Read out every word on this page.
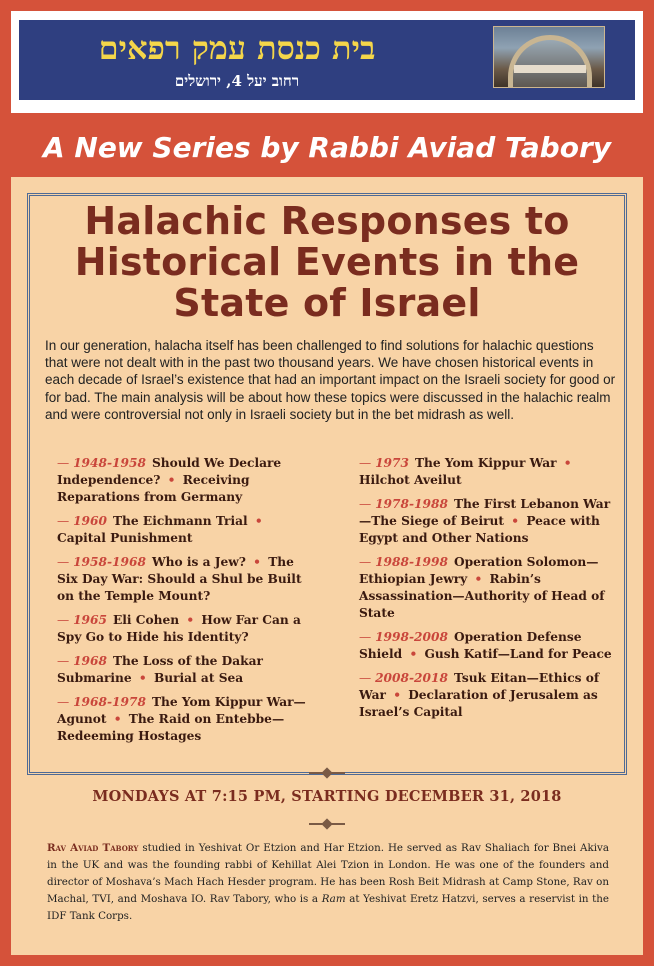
בית כנסת עמק רפאים
רחוב יעל 4, ירושלים
A New Series by Rabbi Aviad Tabory
Halachic Responses to
Historical Events in the
State of Israel

In our generation, halacha itself has been challenged to find solutions for halachic questions that were not dealt with in the past two thousand years. We have chosen historical events in each decade of Israel’s existence that had an important impact on the Israeli society for good or for bad. The main analysis will be about how these topics were discussed in the halachic realm and were controversial not only in Israeli society but in the bet midrash as well.

— 1948-1958 Should We Declare Independence? • Receiving Reparations from Germany
— 1960 The Eichmann Trial • Capital Punishment
— 1958-1968 Who is a Jew? • The Six Day War: Should a Shul be Built on the Temple Mount?
— 1965 Eli Cohen • How Far Can a Spy Go to Hide his Identity?
— 1968 The Loss of the Dakar Submarine • Burial at Sea
— 1968-1978 The Yom Kippur War—Agunot • The Raid on Entebbe—Redeeming Hostages
— 1973 The Yom Kippur War • Hilchot Aveilut
— 1978-1988 The First Lebanon War—The Siege of Beirut • Peace with Egypt and Other Nations
— 1988-1998 Operation Solomon—Ethiopian Jewry • Rabin’s Assassination—Authority of Head of State
— 1998-2008 Operation Defense Shield • Gush Katif—Land for Peace
— 2008-2018 Tsuk Eitan—Ethics of War • Declaration of Jerusalem as Israel’s Capital
MONDAYS AT 7:15 PM, STARTING DECEMBER 31, 2018

Rav Aviad Tabory studied in Yeshivat Or Etzion and Har Etzion. He served as Rav Shaliach for Bnei Akiva in the UK and was the founding rabbi of Kehillat Alei Tzion in London. He was one of the founders and director of Moshava’s Mach Hach Hesder program. He has been Rosh Beit Midrash at Camp Stone, Rav on Machal, TVI, and Moshava IO. Rav Tabory, who is a Ram at Yeshivat Eretz Hatzvi, serves a reservist in the IDF Tank Corps.
